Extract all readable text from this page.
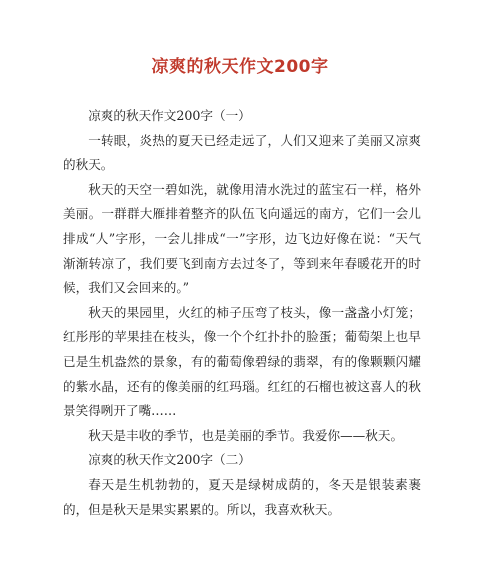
凉爽的秋天作文200字

凉爽的秋天作文200字（一）

一转眼，炎热的夏天已经走远了，人们又迎来了美丽又凉爽的秋天。

秋天的天空一碧如洗，就像用清水洗过的蓝宝石一样，格外美丽。一群群大雁排着整齐的队伍飞向遥远的南方，它们一会儿排成“人”字形，一会儿排成“一”字形，边飞边好像在说：“天气渐渐转凉了，我们要飞到南方去过冬了，等到来年春暖花开的时候，我们又会回来的。”

秋天的果园里，火红的柿子压弯了枝头，像一盏盏小灯笼；红彤彤的苹果挂在枝头，像一个个红扑扑的脸蛋；葡萄架上也早已是生机盎然的景象，有的葡萄像碧绿的翡翠，有的像颗颗闪耀的紫水晶，还有的像美丽的红玛瑙。红红的石榴也被这喜人的秋景笑得咧开了嘴……

秋天是丰收的季节，也是美丽的季节。我爱你——秋天。

凉爽的秋天作文200字（二）

春天是生机勃勃的，夏天是绿树成荫的，冬天是银装素裹的，但是秋天是果实累累的。所以，我喜欢秋天。
